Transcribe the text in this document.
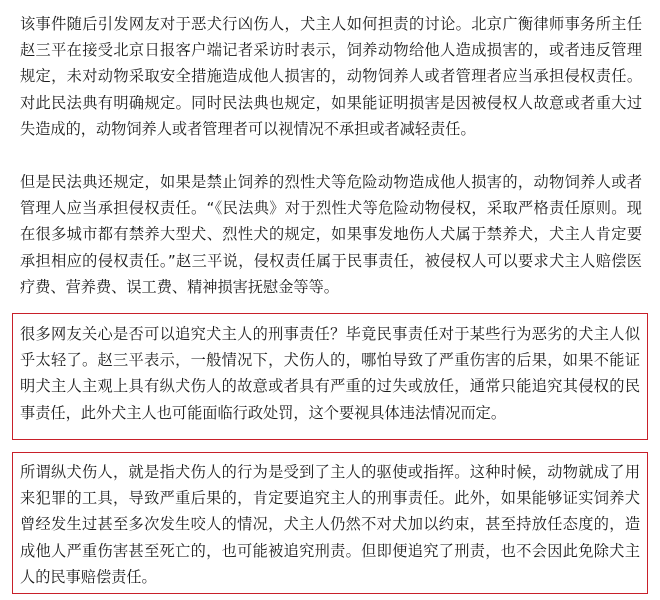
该事件随后引发网友对于恶犬行凶伤人，犬主人如何担责的讨论。北京广衡律师事务所主任赵三平在接受北京日报客户端记者采访时表示，饲养动物给他人造成损害的，或者违反管理规定，未对动物采取安全措施造成他人损害的，动物饲养人或者管理者应当承担侵权责任。对此民法典有明确规定。同时民法典也规定，如果能证明损害是因被侵权人故意或者重大过失造成的，动物饲养人或者管理者可以视情况不承担或者减轻责任。

但是民法典还规定，如果是禁止饲养的烈性犬等危险动物造成他人损害的，动物饲养人或者管理人应当承担侵权责任。“《民法典》对于烈性犬等危险动物侵权，采取严格责任原则。现在很多城市都有禁养大型犬、烈性犬的规定，如果事发地伤人犬属于禁养犬，犬主人肯定要承担相应的侵权责任。”赵三平说，侵权责任属于民事责任，被侵权人可以要求犬主人赔偿医疗费、营养费、误工费、精神损害抚慰金等等。

很多网友关心是否可以追究犬主人的刑事责任？毕竟民事责任对于某些行为恶劣的犬主人似乎太轻了。赵三平表示，一般情况下，犬伤人的，哪怕导致了严重伤害的后果，如果不能证明犬主人主观上具有纵犬伤人的故意或者具有严重的过失或放任，通常只能追究其侵权的民事责任，此外犬主人也可能面临行政处罚，这个要视具体违法情况而定。

所谓纵犬伤人，就是指犬伤人的行为是受到了主人的驱使或指挥。这种时候，动物就成了用来犯罪的工具，导致严重后果的，肯定要追究主人的刑事责任。此外，如果能够证实饲养犬曾经发生过甚至多次发生咬人的情况，犬主人仍然不对犬加以约束，甚至持放任态度的，造成他人严重伤害甚至死亡的，也可能被追究刑责。但即便追究了刑责，也不会因此免除犬主人的民事赔偿责任。
